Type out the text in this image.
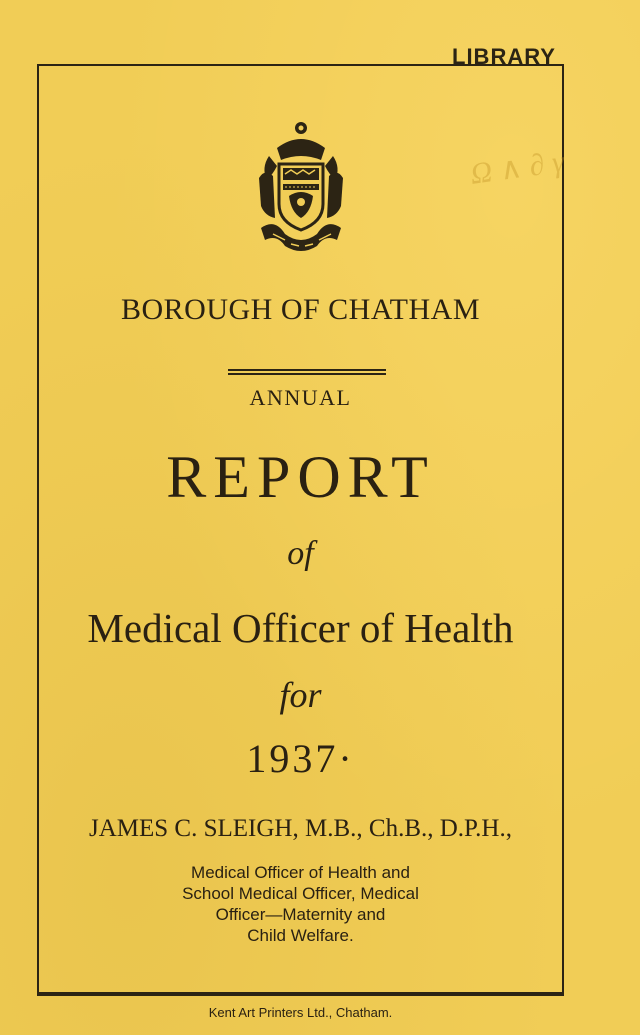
LIBRARY
Ω∧∂γ
BOROUGH OF CHATHAM
ANNUAL
REPORT
of
Medical Officer of Health
for
1937·
JAMES C. SLEIGH, M.B., Ch.B., D.P.H.,
Medical Officer of Health and
School Medical Officer, Medical
Officer—Maternity and
Child Welfare.
Kent Art Printers Ltd., Chatham.
